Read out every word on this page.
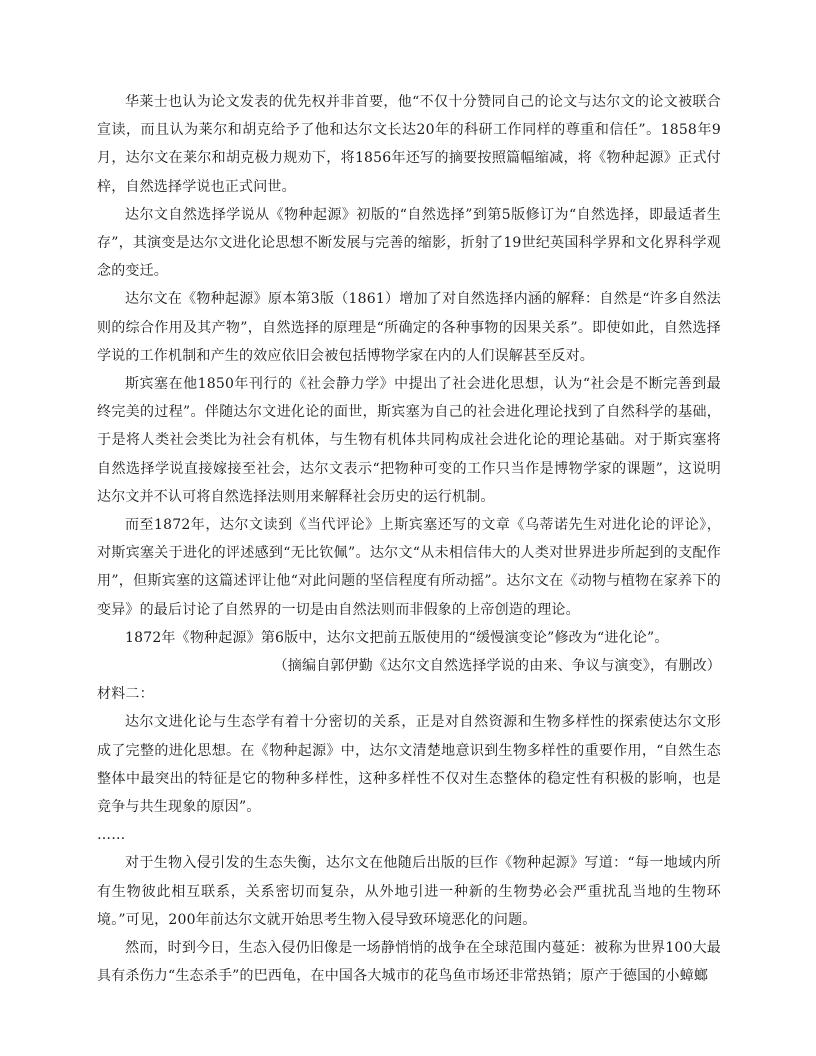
华莱士也认为论文发表的优先权并非首要，他“不仅十分赞同自己的论文与达尔文的论文被联合宣读，而且认为莱尔和胡克给予了他和达尔文长达20年的科研工作同样的尊重和信任”。1858年9月，达尔文在莱尔和胡克极力规劝下，将1856年还写的摘要按照篇幅缩减，将《物种起源》正式付梓，自然选择学说也正式问世。

达尔文自然选择学说从《物种起源》初版的“自然选择”到第5版修订为“自然选择，即最适者生存”，其演变是达尔文进化论思想不断发展与完善的缩影，折射了19世纪英国科学界和文化界科学观念的变迁。

达尔文在《物种起源》原本第3版（1861）增加了对自然选择内涵的解释：自然是“许多自然法则的综合作用及其产物”，自然选择的原理是“所确定的各种事物的因果关系”。即使如此，自然选择学说的工作机制和产生的效应依旧会被包括博物学家在内的人们误解甚至反对。

斯宾塞在他1850年刊行的《社会静力学》中提出了社会进化思想，认为“社会是不断完善到最终完美的过程”。伴随达尔文进化论的面世，斯宾塞为自己的社会进化理论找到了自然科学的基础，于是将人类社会类比为社会有机体，与生物有机体共同构成社会进化论的理论基础。对于斯宾塞将自然选择学说直接嫁接至社会，达尔文表示“把物种可变的工作只当作是博物学家的课题”，这说明达尔文并不认可将自然选择法则用来解释社会历史的运行机制。

而至1872年，达尔文读到《当代评论》上斯宾塞还写的文章《乌蒂诺先生对进化论的评论》，对斯宾塞关于进化的评述感到“无比钦佩”。达尔文“从未相信伟大的人类对世界进步所起到的支配作用”，但斯宾塞的这篇述评让他“对此问题的坚信程度有所动摇”。达尔文在《动物与植物在家养下的变异》的最后讨论了自然界的一切是由自然法则而非假象的上帝创造的理论。

1872年《物种起源》第6版中，达尔文把前五版使用的“缓慢演变论”修改为“进化论”。

（摘编自郭伊勤《达尔文自然选择学说的由来、争议与演变》，有删改）

材料二：

达尔文进化论与生态学有着十分密切的关系，正是对自然资源和生物多样性的探索使达尔文形成了完整的进化思想。在《物种起源》中，达尔文清楚地意识到生物多样性的重要作用，“自然生态整体中最突出的特征是它的物种多样性，这种多样性不仅对生态整体的稳定性有积极的影响，也是竞争与共生现象的原因”。

……

对于生物入侵引发的生态失衡，达尔文在他随后出版的巨作《物种起源》写道：“每一地域内所有生物彼此相互联系，关系密切而复杂，从外地引进一种新的生物势必会严重扰乱当地的生物环境。”可见，200年前达尔文就开始思考生物入侵导致环境恶化的问题。

然而，时到今日，生态入侵仍旧像是一场静悄悄的战争在全球范围内蔓延：被称为世界100大最具有杀伤力“生态杀手”的巴西龟，在中国各大城市的花鸟鱼市场还非常热销；原产于德国的小蟑螂
